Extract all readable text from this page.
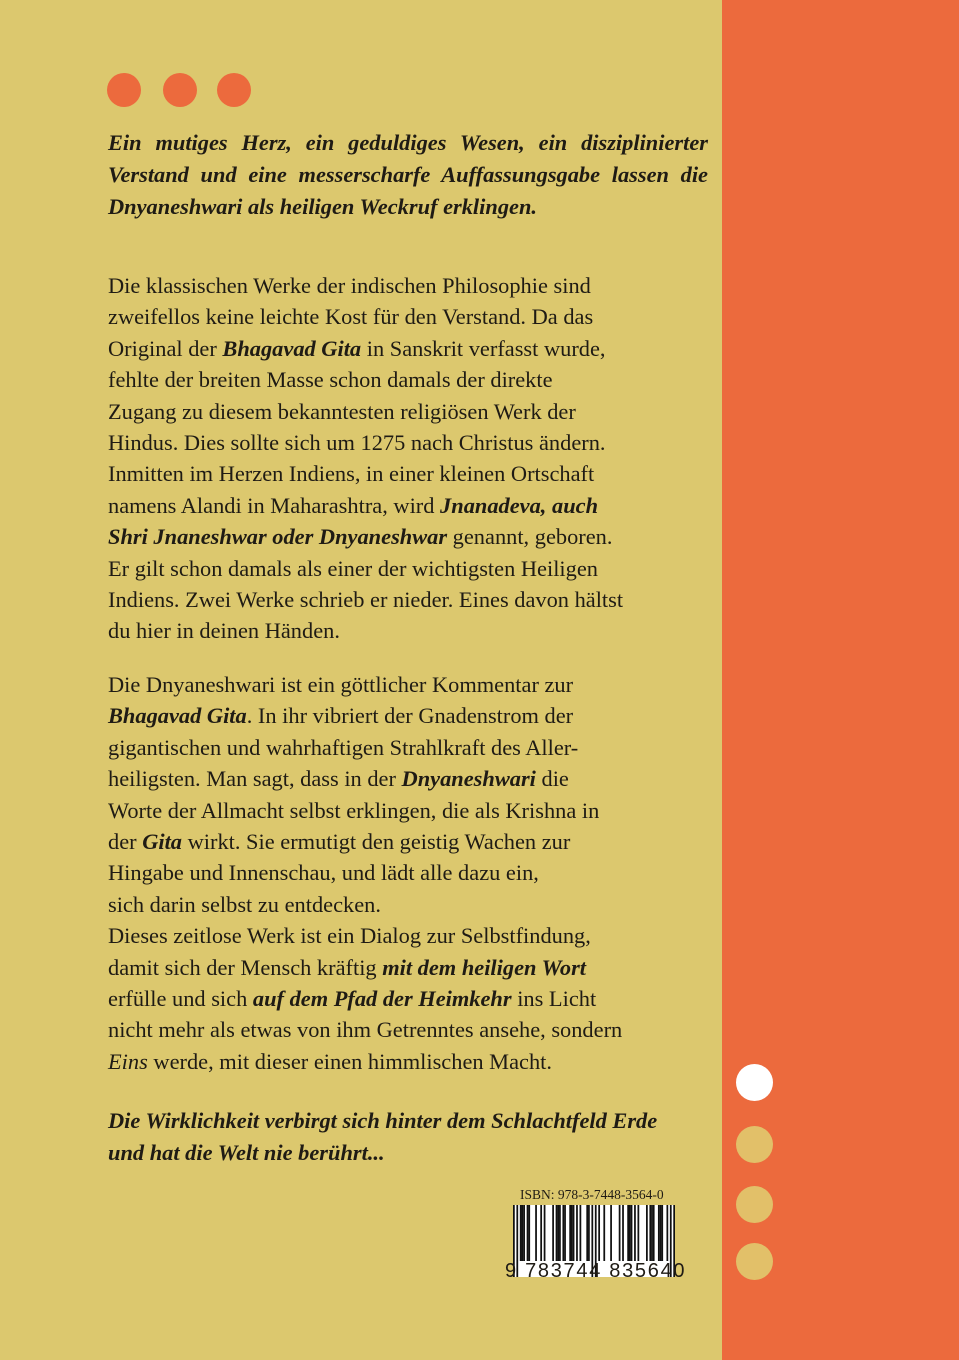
Ein mutiges Herz, ein geduldiges Wesen, ein disziplinierter
Verstand und eine messerscharfe Auffassungsgabe lassen die
Dnyaneshwari als heiligen Weckruf erklingen.
Die klassischen Werke der indischen Philosophie sind
zweifellos keine leichte Kost für den Verstand. Da das
Original der Bhagavad Gita in Sanskrit verfasst wurde,
fehlte der breiten Masse schon damals der direkte
Zugang zu diesem bekanntesten religiösen Werk der
Hindus. Dies sollte sich um 1275 nach Christus ändern.
Inmitten im Herzen Indiens, in einer kleinen Ortschaft
namens Alandi in Maharashtra, wird Jnanadeva, auch
Shri Jnaneshwar oder Dnyaneshwar genannt, geboren.
Er gilt schon damals als einer der wichtigsten Heiligen
Indiens. Zwei Werke schrieb er nieder. Eines davon hältst
du hier in deinen Händen.
Die Dnyaneshwari ist ein göttlicher Kommentar zur
Bhagavad Gita. In ihr vibriert der Gnadenstrom der
gigantischen und wahrhaftigen Strahlkraft des Aller-
heiligsten. Man sagt, dass in der Dnyaneshwari die
Worte der Allmacht selbst erklingen, die als Krishna in
der Gita wirkt. Sie ermutigt den geistig Wachen zur
Hingabe und Innenschau, und lädt alle dazu ein,
sich darin selbst zu entdecken.
Dieses zeitlose Werk ist ein Dialog zur Selbstfindung,
damit sich der Mensch kräftig mit dem heiligen Wort
erfülle und sich auf dem Pfad der Heimkehr ins Licht
nicht mehr als etwas von ihm Getrenntes ansehe, sondern
Eins werde, mit dieser einen himmlischen Macht.
Die Wirklichkeit verbirgt sich hinter dem Schlachtfeld Erde
und hat die Welt nie berührt...
ISBN: 978-3-7448-3564-0
9 783744 835640
